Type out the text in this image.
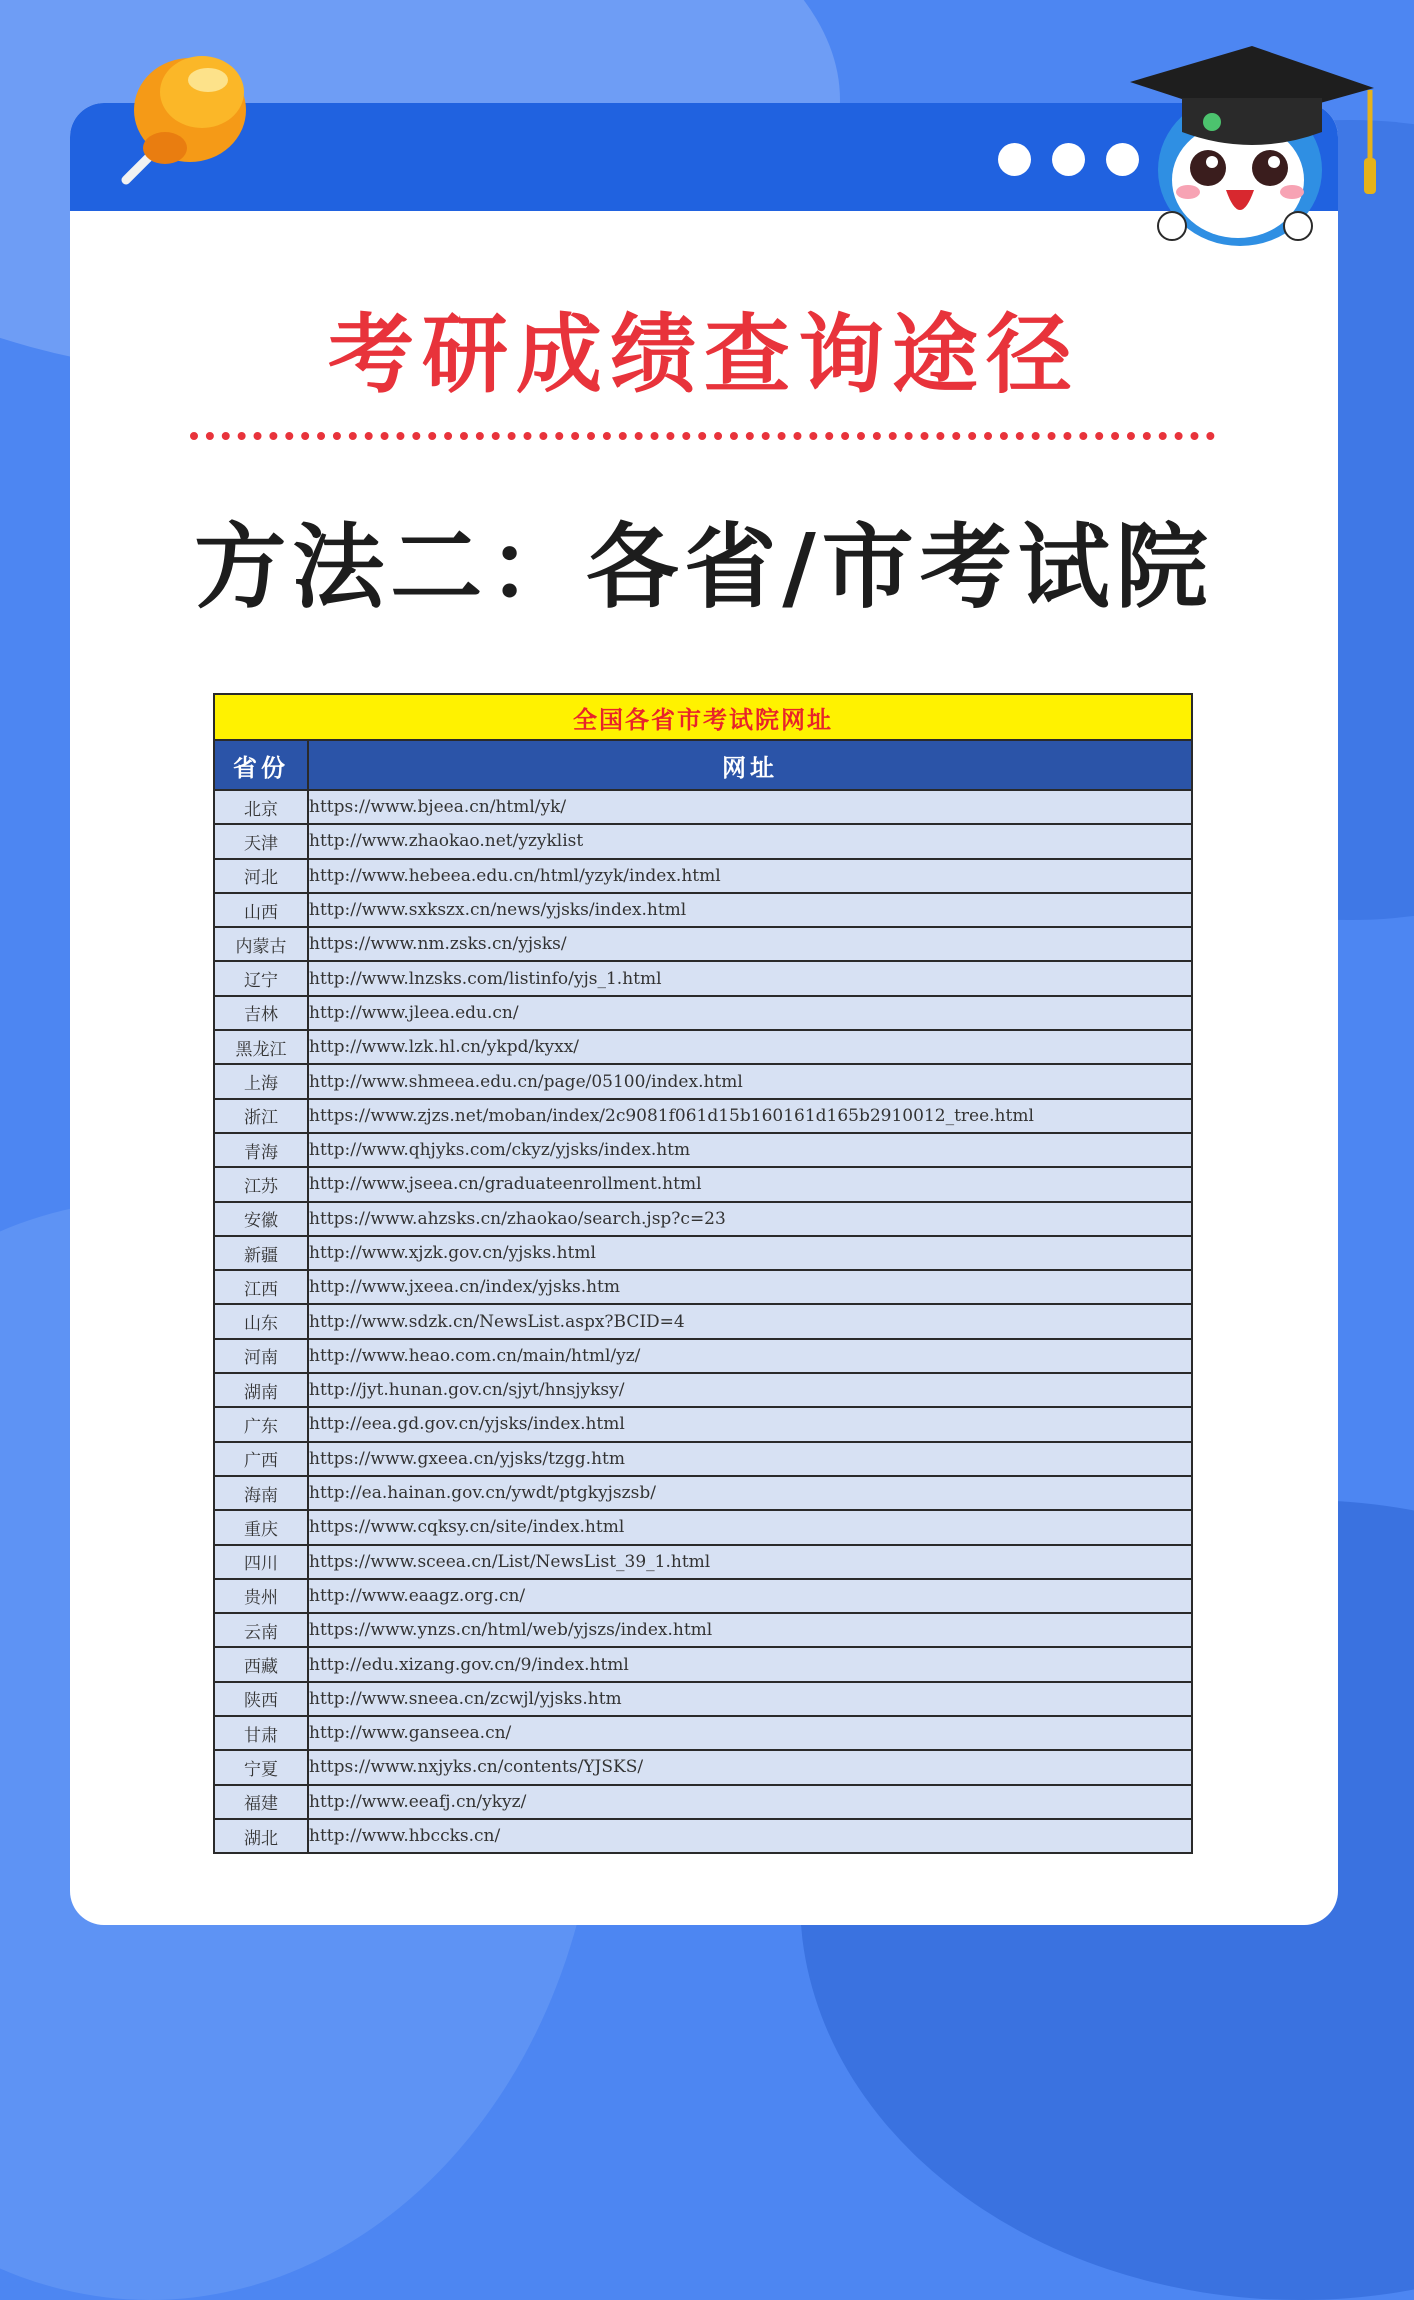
考研成绩查询途径
方法二：各省/市考试院
全国各省市考试院网址	
省份	网址
北京	https://www.bjeea.cn/html/yk/
天津	http://www.zhaokao.net/yzyklist
河北	http://www.hebeea.edu.cn/html/yzyk/index.html
山西	http://www.sxkszx.cn/news/yjsks/index.html
内蒙古	https://www.nm.zsks.cn/yjsks/
辽宁	http://www.lnzsks.com/listinfo/yjs_1.html
吉林	http://www.jleea.edu.cn/
黑龙江	http://www.lzk.hl.cn/ykpd/kyxx/
上海	http://www.shmeea.edu.cn/page/05100/index.html
浙江	https://www.zjzs.net/moban/index/2c9081f061d15b160161d165b2910012_tree.html
青海	http://www.qhjyks.com/ckyz/yjsks/index.htm
江苏	http://www.jseea.cn/graduateenrollment.html
安徽	https://www.ahzsks.cn/zhaokao/search.jsp?c=23
新疆	http://www.xjzk.gov.cn/yjsks.html
江西	http://www.jxeea.cn/index/yjsks.htm
山东	http://www.sdzk.cn/NewsList.aspx?BCID=4
河南	http://www.heao.com.cn/main/html/yz/
湖南	http://jyt.hunan.gov.cn/sjyt/hnsjyksy/
广东	http://eea.gd.gov.cn/yjsks/index.html
广西	https://www.gxeea.cn/yjsks/tzgg.htm
海南	http://ea.hainan.gov.cn/ywdt/ptgkyjszsb/
重庆	https://www.cqksy.cn/site/index.html
四川	https://www.sceea.cn/List/NewsList_39_1.html
贵州	http://www.eaagz.org.cn/
云南	https://www.ynzs.cn/html/web/yjszs/index.html
西藏	http://edu.xizang.gov.cn/9/index.html
陕西	http://www.sneea.cn/zcwjl/yjsks.htm
甘肃	http://www.ganseea.cn/
宁夏	https://www.nxjyks.cn/contents/YJSKS/
福建	http://www.eeafj.cn/ykyz/
湖北	http://www.hbccks.cn/
